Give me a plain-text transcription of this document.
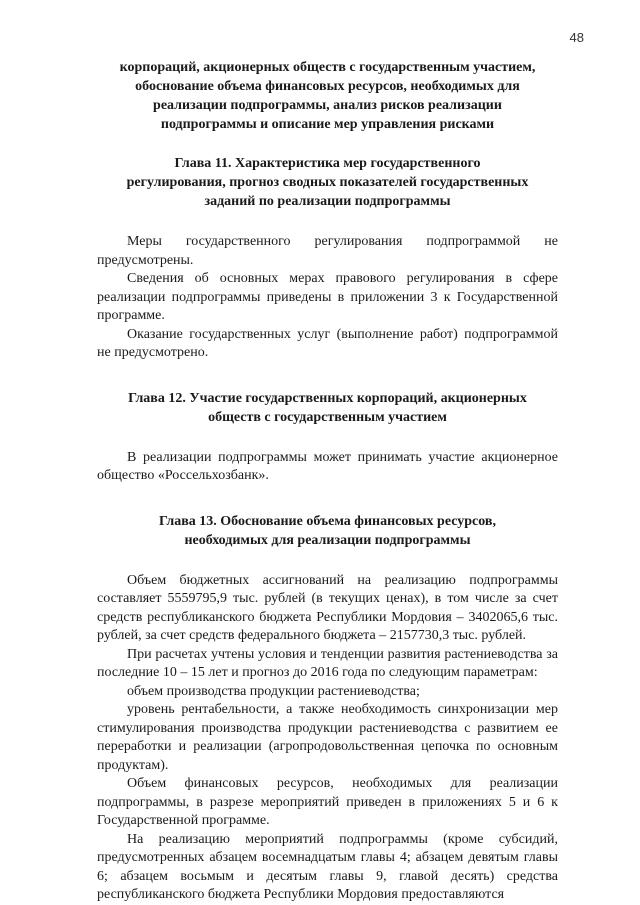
48
корпораций, акционерных обществ с государственным участием,
обоснование объема финансовых ресурсов, необходимых для
реализации подпрограммы, анализ рисков реализации
подпрограммы и описание мер управления рисками
Глава 11. Характеристика мер государственного
регулирования, прогноз сводных показателей государственных
заданий по реализации подпрограммы

Меры государственного регулирования подпрограммой не предусмотрены.

Сведения об основных мерах правового регулирования в сфере реализации подпрограммы приведены в приложении 3 к Государственной программе.

Оказание государственных услуг (выполнение работ) подпрограммой не предусмотрено.

Глава 12. Участие государственных корпораций, акционерных
обществ с государственным участием

В реализации подпрограммы может принимать участие акционерное общество «Россельхозбанк».

Глава 13. Обоснование объема финансовых ресурсов,
необходимых для реализации подпрограммы

Объем бюджетных ассигнований на реализацию подпрограммы составляет 5559795,9 тыс. рублей (в текущих ценах), в том числе за счет средств республиканского бюджета Республики Мордовия – 3402065,6 тыс. рублей, за счет средств федерального бюджета – 2157730,3 тыс. рублей.

При расчетах учтены условия и тенденции развития растениеводства за последние 10 – 15 лет и прогноз до 2016 года по следующим параметрам:

объем производства продукции растениеводства;

уровень рентабельности, а также необходимость синхронизации мер стимулирования производства продукции растениеводства с развитием ее переработки и реализации (агропродовольственная цепочка по основным продуктам).

Объем финансовых ресурсов, необходимых для реализации подпрограммы, в разрезе мероприятий приведен в приложениях 5 и 6 к Государственной программе.

На реализацию мероприятий подпрограммы (кроме субсидий, предусмотренных абзацем восемнадцатым главы 4; абзацем девятым главы 6; абзацем восьмым и десятым главы 9, главой десять) средства республиканского бюджета Республики Мордовия предоставляются
